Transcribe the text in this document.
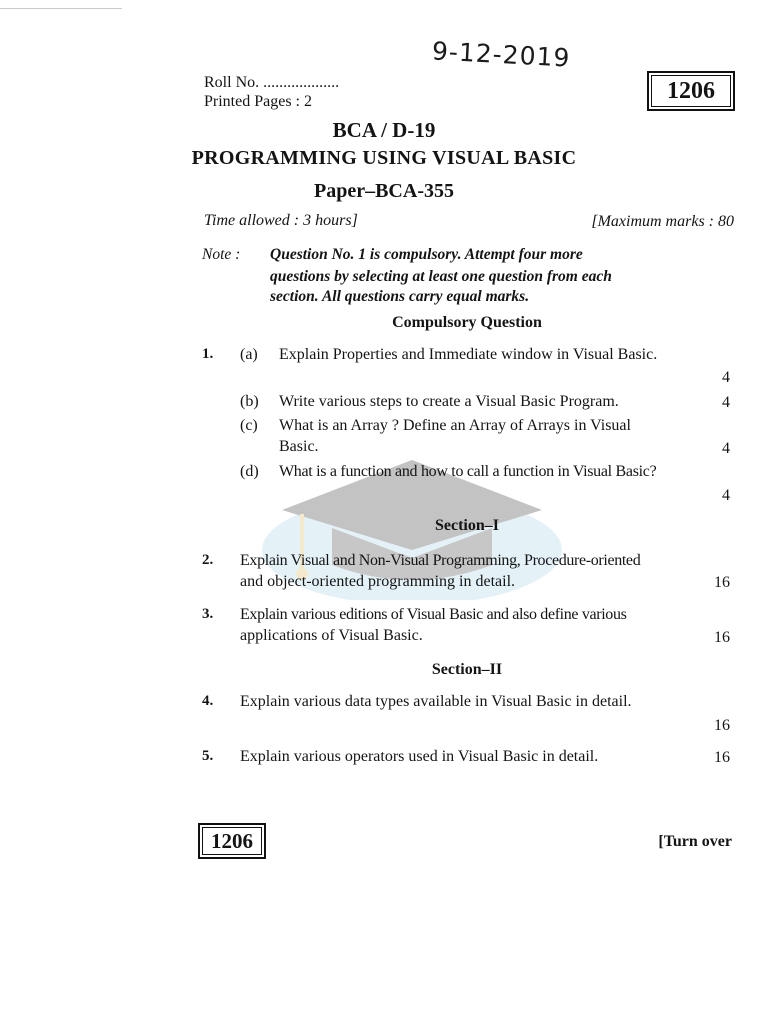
9-12-2019
Roll No. ...................
Printed Pages : 2	1206
BCA / D-19
PROGRAMMING USING VISUAL BASIC
Paper–BCA-355
Time allowed : 3 hours]	[Maximum marks : 80
Note : Question No. 1 is compulsory. Attempt four more
questions by selecting at least one question from each
section. All questions carry equal marks.
Compulsory Question
1. (a) Explain Properties and Immediate window in Visual Basic.
4
(b) Write various steps to create a Visual Basic Program.	4
(c) What is an Array ? Define an Array of Arrays in Visual
Basic.	4
(d) What is a function and how to call a function in Visual Basic?
4
Section–I
2. Explain Visual and Non-Visual Programming, Procedure-oriented
and object-oriented programming in detail.	16
3. Explain various editions of Visual Basic and also define various
applications of Visual Basic.	16
Section–II
4. Explain various data types available in Visual Basic in detail.
16
5. Explain various operators used in Visual Basic in detail.	16
1206	[Turn over
